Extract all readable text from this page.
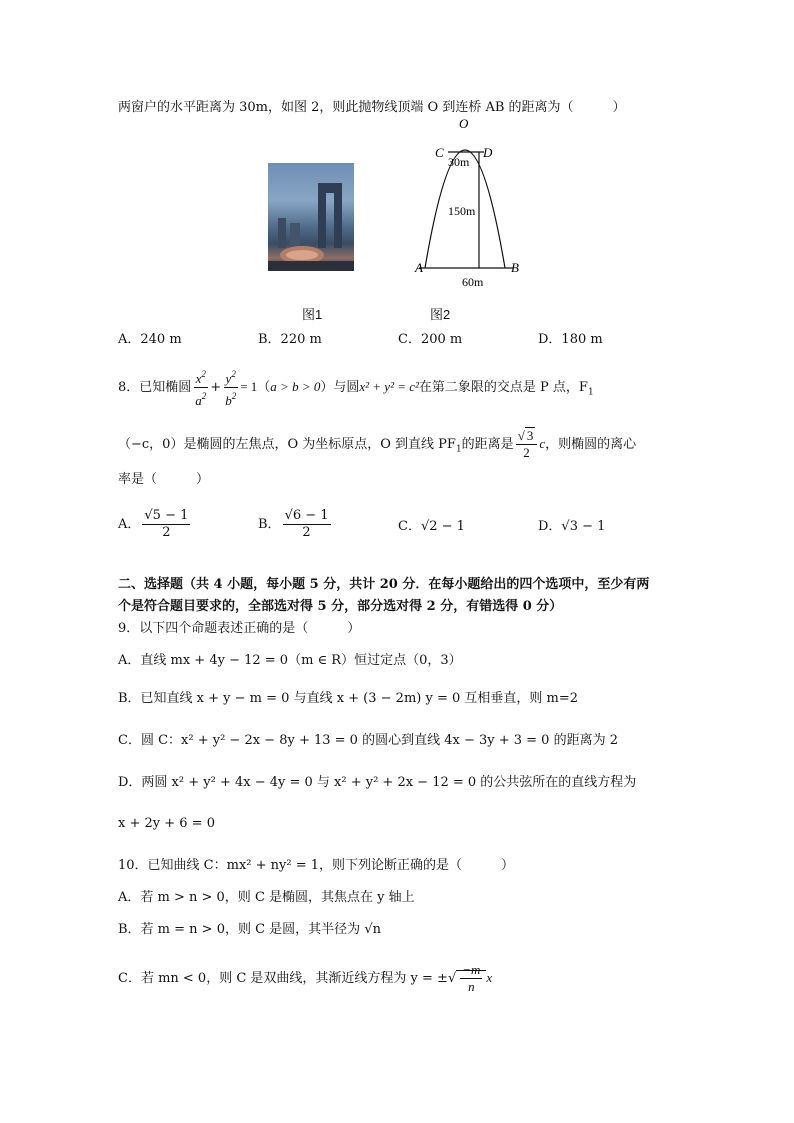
两窗户的水平距离为 30m，如图 2，则此抛物线顶端 O 到连桥 AB 的距离为（　　　）
O
C	D
30m
150m
A	B
60m
图1	图2
A．240 m	B．220 m	C．200 m	D．180 m
8．已知椭圆 $\frac{x^2}{a^2} + \frac{y^2}{b^2} = 1(a > b > 0)$与圆x² + y² = c²在第二象限的交点是 P 点，$F_1$
（−c，0）是椭圆的左焦点，O 为坐标原点，O 到直线 $PF_1$的距离是 $\frac{√ 3}{2}$ c，则椭圆的离心
率是（　　　）
A． $\frac{√5 - 1}{2}$	B． $\frac{√6 - 1}{2}$	C．√2 − 1	D．√3 − 1
二、选择题（共 4 小题，每小题 5 分，共计 20 分．在每小题给出的四个选项中，至少有两
个是符合题目要求的，全部选对得 5 分，部分选对得 2 分，有错选得 0 分）
9．以下四个命题表述正确的是（　　　）
A．直线 mx + 4y − 12 = 0（m ∈ R）恒过定点（0，3）
B．已知直线 x + y − m = 0 与直线 x + (3 − 2m) y = 0 互相垂直，则 m=2
C．圆 C：x² + y² − 2x − 8y + 13 = 0 的圆心到直线 4x − 3y + 3 = 0 的距离为 2
D．两圆 x² + y² + 4x − 4y = 0 与 x² + y² + 2x − 12 = 0 的公共弦所在的直线方程为
x + 2y + 6 = 0
10．已知曲线 C：mx² + ny² = 1，则下列论断正确的是（　　　）
A．若 m > n > 0，则 C 是椭圆，其焦点在 y 轴上
B．若 m = n > 0，则 C 是圆，其半径为 √n
C．若 mn < 0，则 C 是双曲线，其渐近线方程为 y = ±√ $\frac{-m}{n}$ x
